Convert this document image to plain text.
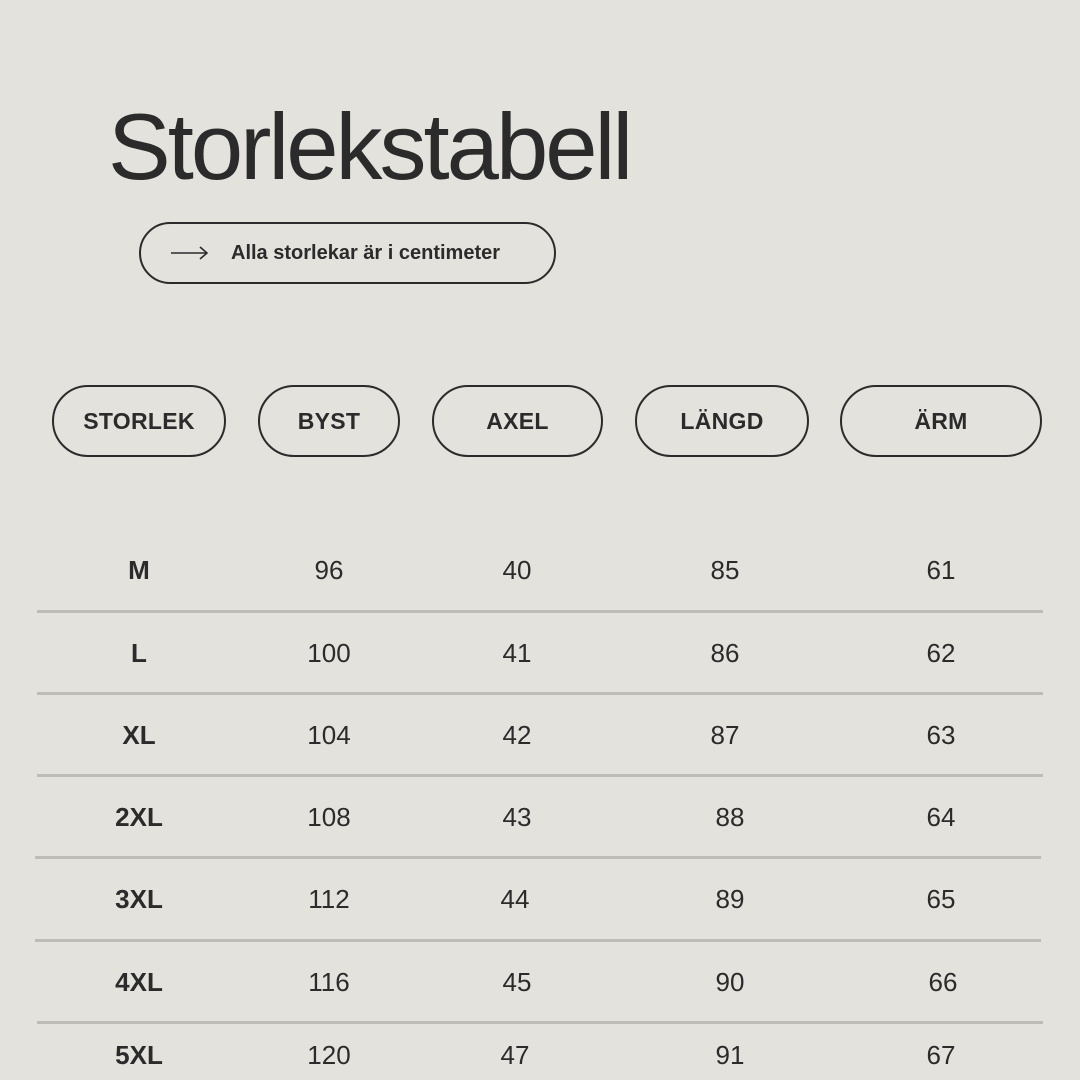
Storlekstabell
Alla storlekar är i centimeter
STORLEK	BYST	AXEL	LÄNGD	ÄRM
M	96	40	85	61
L	100	41	86	62
XL	104	42	87	63
2XL	108	43	88	64
3XL	112	44	89	65
4XL	116	45	90	66
5XL	120	47	91	67
